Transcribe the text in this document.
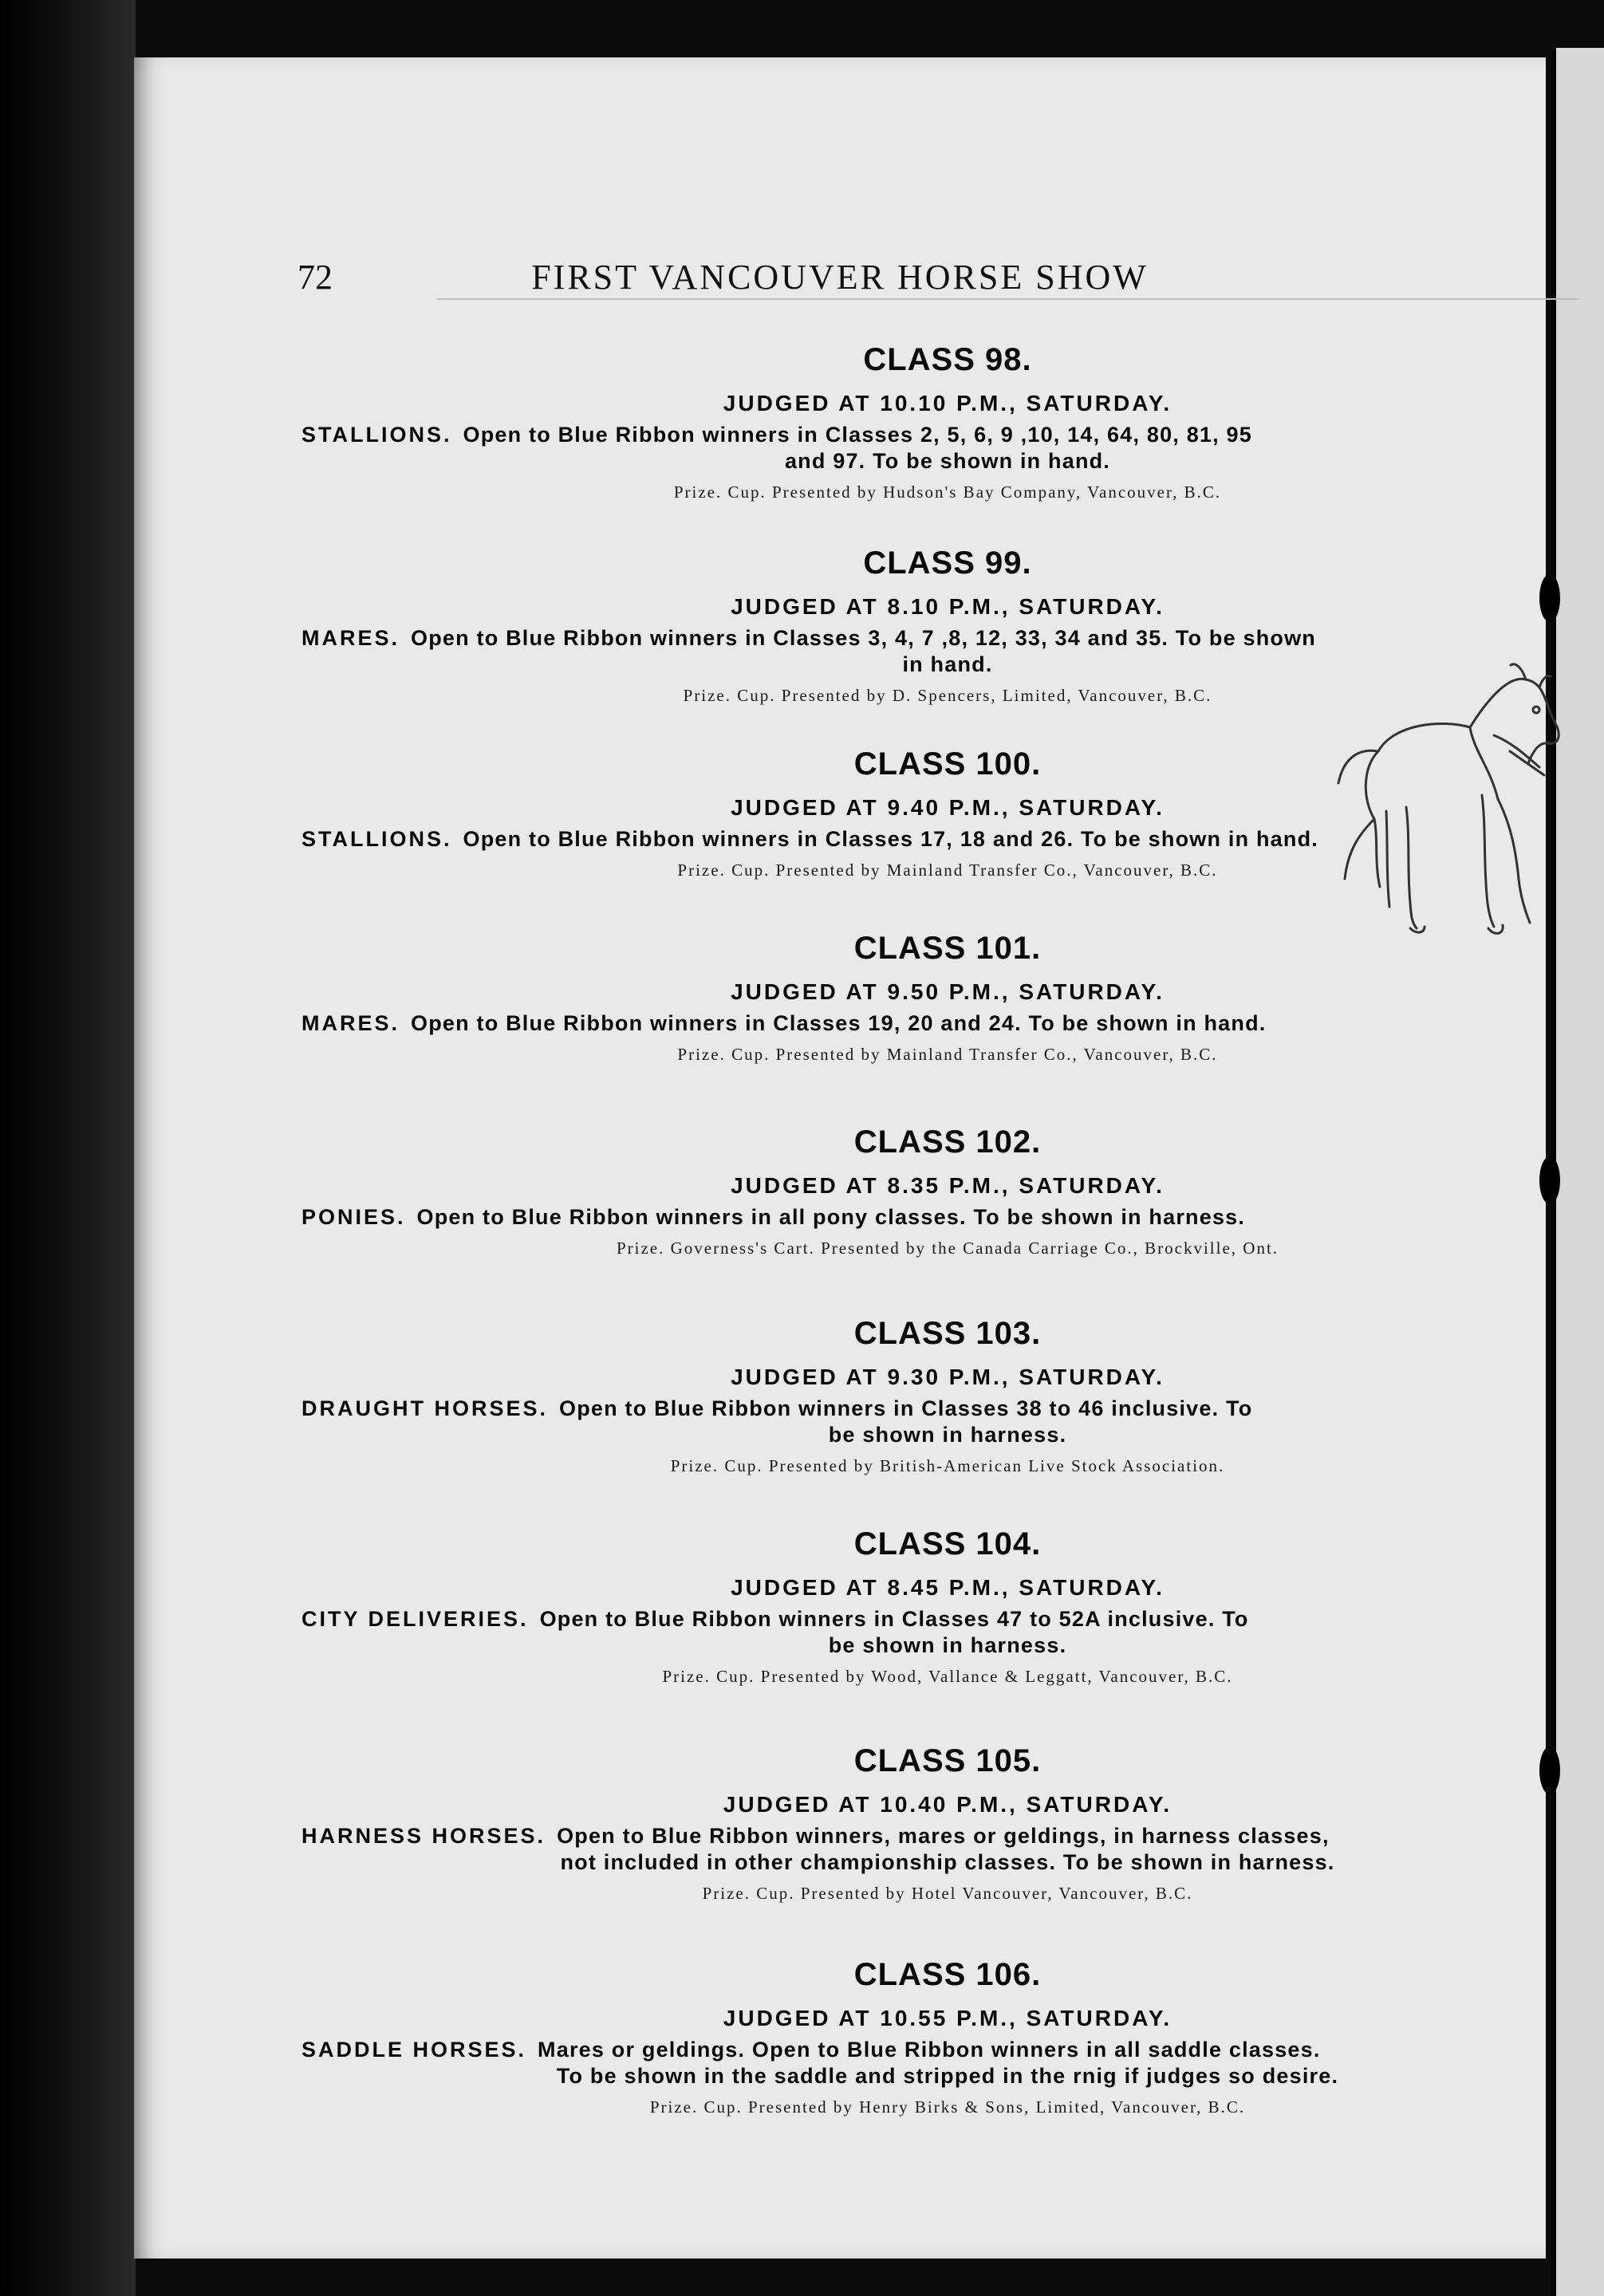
72	FIRST VANCOUVER HORSE SHOW
CLASS 98.
JUDGED AT 10.10 P.M., SATURDAY.
STALLIONS. Open to Blue Ribbon winners in Classes 2, 5, 6, 9 ,10, 14, 64, 80, 81, 95
and 97. To be shown in hand.
Prize. Cup. Presented by Hudson's Bay Company, Vancouver, B.C.
CLASS 99.
JUDGED AT 8.10 P.M., SATURDAY.
MARES. Open to Blue Ribbon winners in Classes 3, 4, 7 ,8, 12, 33, 34 and 35. To be shown
in hand.
Prize. Cup. Presented by D. Spencers, Limited, Vancouver, B.C.
CLASS 100.
JUDGED AT 9.40 P.M., SATURDAY.
STALLIONS. Open to Blue Ribbon winners in Classes 17, 18 and 26. To be shown in hand.
Prize. Cup. Presented by Mainland Transfer Co., Vancouver, B.C.
CLASS 101.
JUDGED AT 9.50 P.M., SATURDAY.
MARES. Open to Blue Ribbon winners in Classes 19, 20 and 24. To be shown in hand.
Prize. Cup. Presented by Mainland Transfer Co., Vancouver, B.C.
CLASS 102.
JUDGED AT 8.35 P.M., SATURDAY.
PONIES. Open to Blue Ribbon winners in all pony classes. To be shown in harness.
Prize. Governess's Cart. Presented by the Canada Carriage Co., Brockville, Ont.
CLASS 103.
JUDGED AT 9.30 P.M., SATURDAY.
DRAUGHT HORSES. Open to Blue Ribbon winners in Classes 38 to 46 inclusive. To
be shown in harness.
Prize. Cup. Presented by British-American Live Stock Association.
CLASS 104.
JUDGED AT 8.45 P.M., SATURDAY.
CITY DELIVERIES. Open to Blue Ribbon winners in Classes 47 to 52A inclusive. To
be shown in harness.
Prize. Cup. Presented by Wood, Vallance & Leggatt, Vancouver, B.C.
CLASS 105.
JUDGED AT 10.40 P.M., SATURDAY.
HARNESS HORSES. Open to Blue Ribbon winners, mares or geldings, in harness classes,
not included in other championship classes. To be shown in harness.
Prize. Cup. Presented by Hotel Vancouver, Vancouver, B.C.
CLASS 106.
JUDGED AT 10.55 P.M., SATURDAY.
SADDLE HORSES. Mares or geldings. Open to Blue Ribbon winners in all saddle classes.
To be shown in the saddle and stripped in the rnig if judges so desire.
Prize. Cup. Presented by Henry Birks & Sons, Limited, Vancouver, B.C.
